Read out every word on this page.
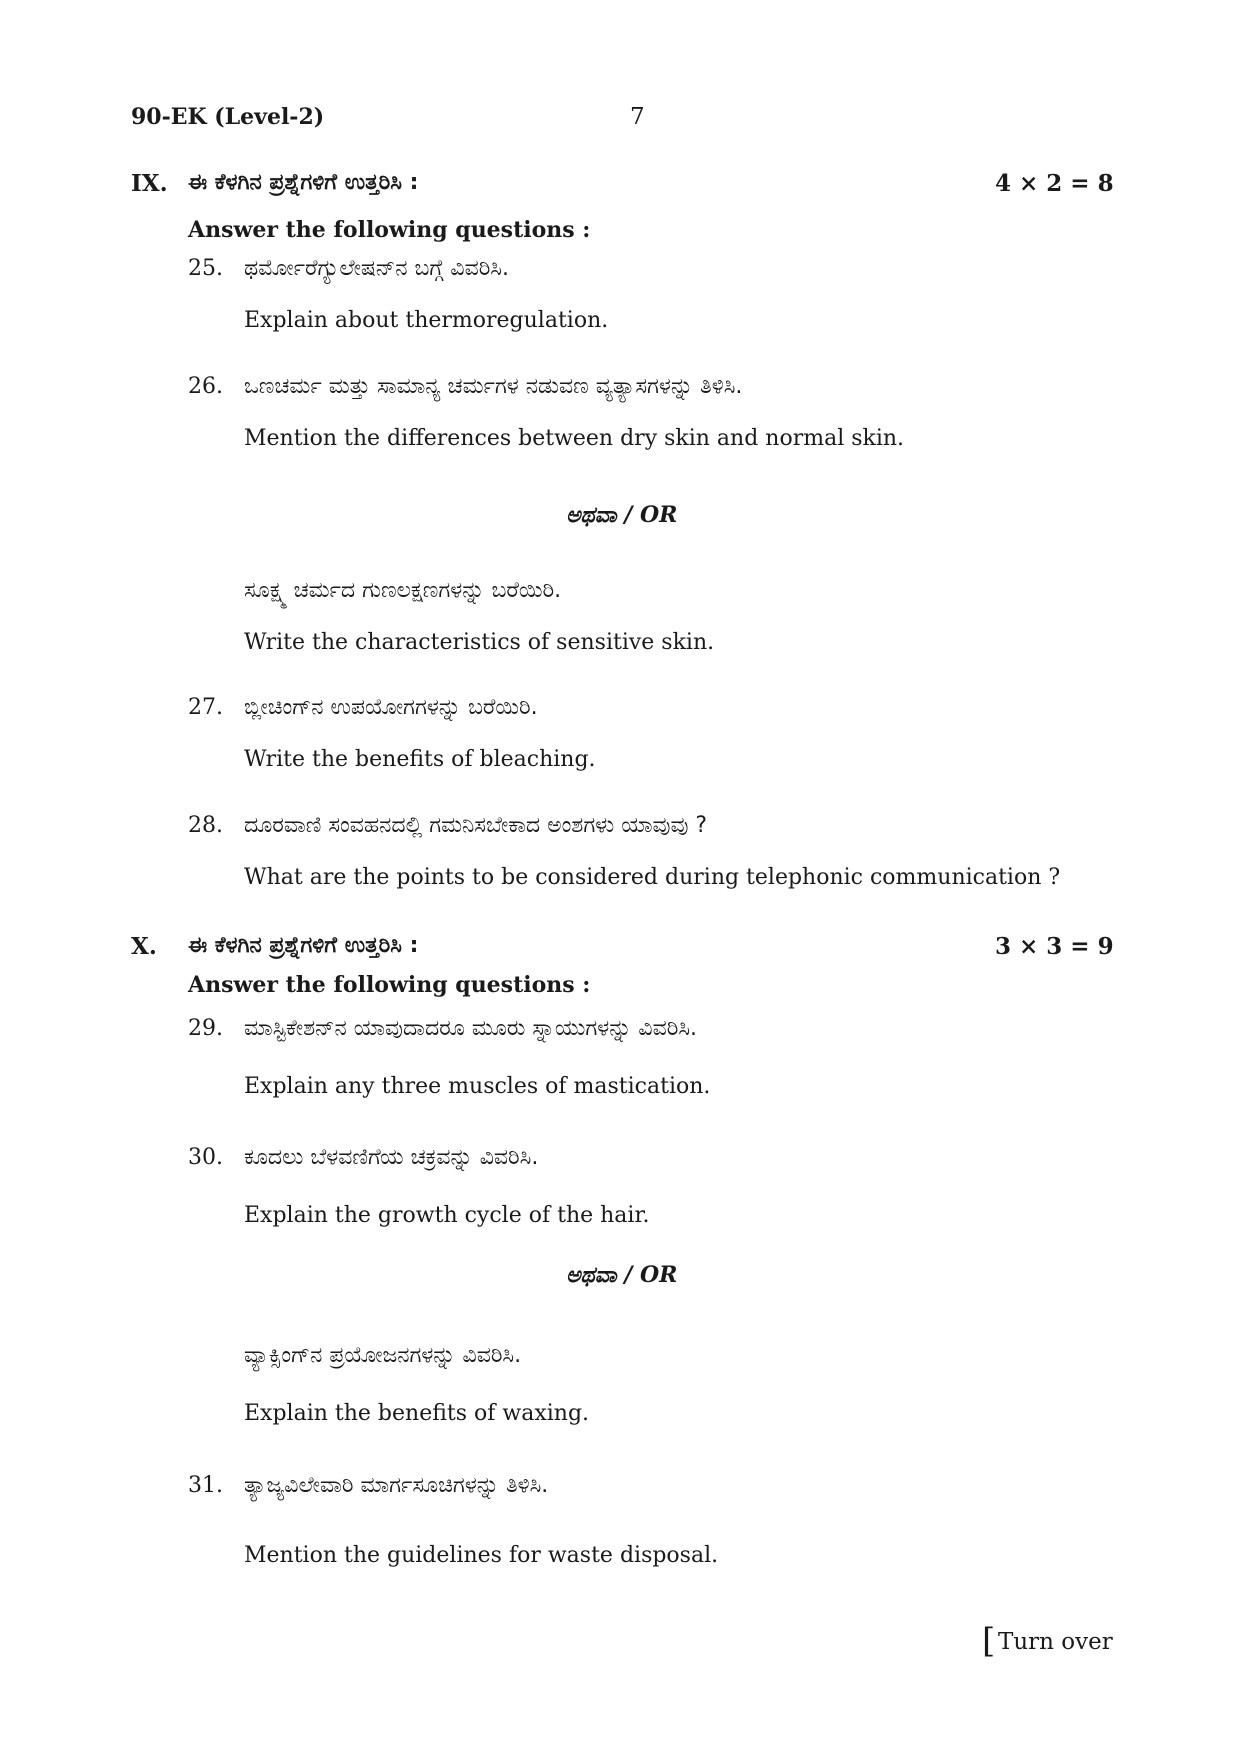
90-EK (Level-2)	7
IX. ಈ ಕೆಳಗಿನ ಪ್ರಶ್ನೆಗಳಿಗೆ ಉತ್ತರಿಸಿ :	4 × 2 = 8
Answer the following questions :
25. ಥರ್ಮೋರೆಗ್ಯುಲೇಷನ್‌ನ ಬಗ್ಗೆ ವಿವರಿಸಿ.
Explain about thermoregulation.
26. ಒಣಚರ್ಮ ಮತ್ತು ಸಾಮಾನ್ಯ ಚರ್ಮಗಳ ನಡುವಣ ವ್ಯತ್ಯಾಸಗಳನ್ನು ತಿಳಿಸಿ.
Mention the differences between dry skin and normal skin.
ಅಥವಾ / OR
ಸೂಕ್ಷ್ಮ ಚರ್ಮದ ಗುಣಲಕ್ಷಣಗಳನ್ನು ಬರೆಯಿರಿ.
Write the characteristics of sensitive skin.
27. ಬ್ಲೀಚಿಂಗ್‌ನ ಉಪಯೋಗಗಳನ್ನು ಬರೆಯಿರಿ.
Write the benefits of bleaching.
28. ದೂರವಾಣಿ ಸಂವಹನದಲ್ಲಿ ಗಮನಿಸಬೇಕಾದ ಅಂಶಗಳು ಯಾವುವು ?
What are the points to be considered during telephonic communication ?
X. ಈ ಕೆಳಗಿನ ಪ್ರಶ್ನೆಗಳಿಗೆ ಉತ್ತರಿಸಿ :	3 × 3 = 9
Answer the following questions :
29. ಮಾಸ್ಟಿಕೇಶನ್‌ನ ಯಾವುದಾದರೂ ಮೂರು ಸ್ನಾಯುಗಳನ್ನು ವಿವರಿಸಿ.
Explain any three muscles of mastication.
30. ಕೂದಲು ಬೆಳವಣಿಗೆಯ ಚಕ್ರವನ್ನು ವಿವರಿಸಿ.
Explain the growth cycle of the hair.
ಅಥವಾ / OR
ವ್ಯಾಕ್ಸಿಂಗ್‌ನ ಪ್ರಯೋಜನಗಳನ್ನು ವಿವರಿಸಿ.
Explain the benefits of waxing.
31. ತ್ಯಾಜ್ಯವಿಲೇವಾರಿ ಮಾರ್ಗಸೂಚಿಗಳನ್ನು ತಿಳಿಸಿ.
Mention the guidelines for waste disposal.
[ Turn over
